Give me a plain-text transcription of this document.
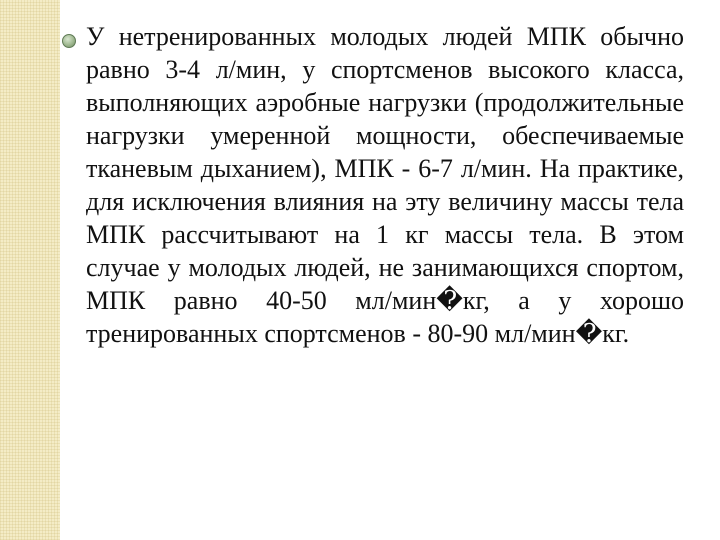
У нетренированных молодых людей МПК обычно равно 3-4 л/мин, у спортсменов высокого класса, выполняющих аэробные нагрузки (продолжительные нагрузки умеренной мощности, обеспечиваемые тканевым дыханием), МПК - 6-7 л/мин. На практике, для исключения влияния на эту величину массы тела МПК рассчитывают на 1 кг массы тела. В этом случае у молодых людей, не занимающихся спортом, МПК равно 40-50 мл/мин�кг, а у хорошо тренированных спортсменов - 80-90 мл/мин�кг.
